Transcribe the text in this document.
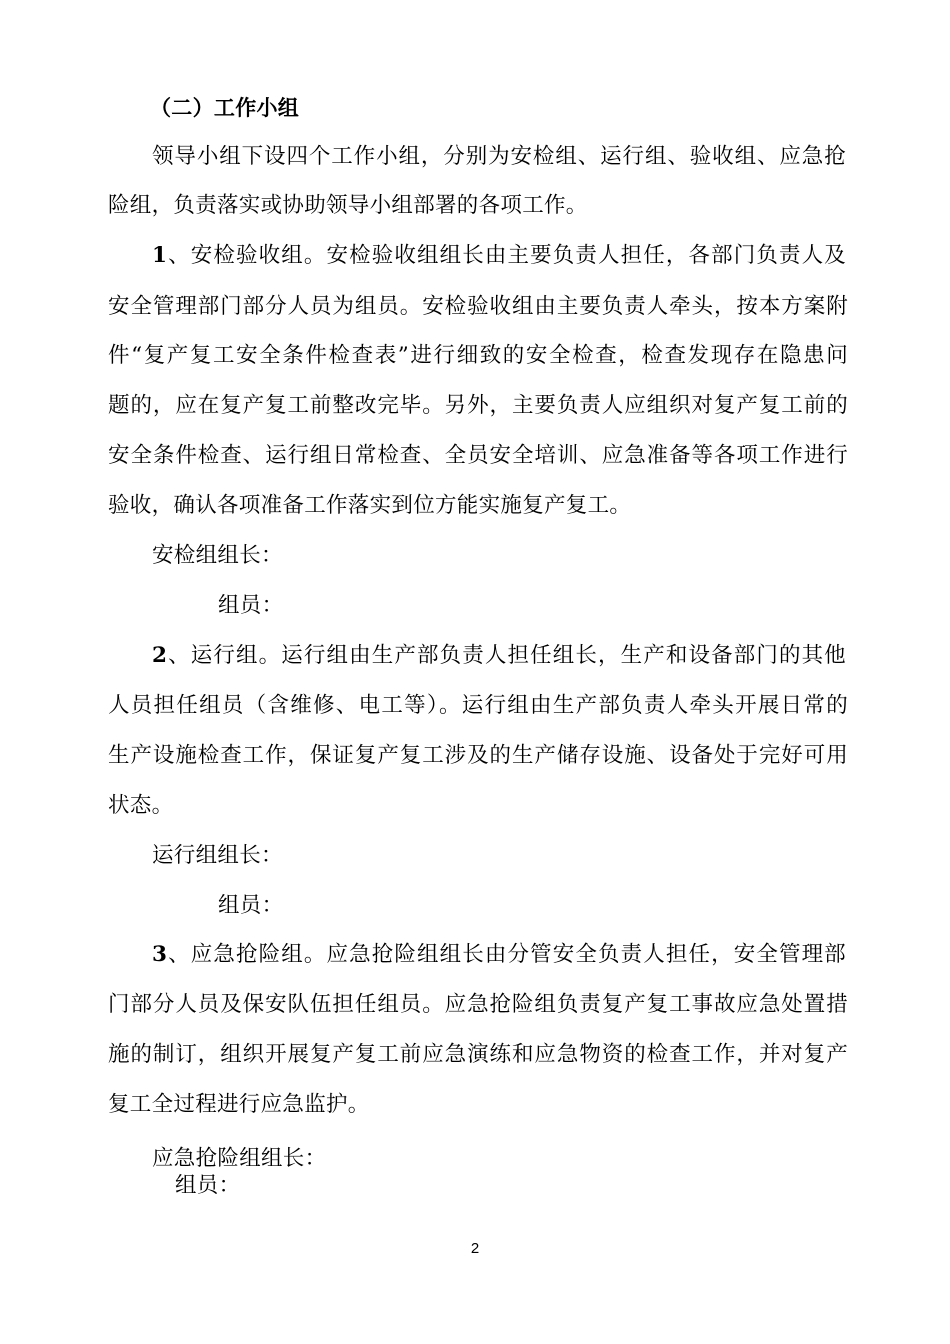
（二）工作小组
领导小组下设四个工作小组，分别为安检组、运行组、验收组、应急抢
险组，负责落实或协助领导小组部署的各项工作。
1、安检验收组。安检验收组组长由主要负责人担任，各部门负责人及
安全管理部门部分人员为组员。安检验收组由主要负责人牵头，按本方案附
件“复产复工安全条件检查表”进行细致的安全检查，检查发现存在隐患问
题的，应在复产复工前整改完毕。另外，主要负责人应组织对复产复工前的
安全条件检查、运行组日常检查、全员安全培训、应急准备等各项工作进行
验收，确认各项准备工作落实到位方能实施复产复工。
安检组组长：
组员：
2、运行组。运行组由生产部负责人担任组长，生产和设备部门的其他
人员担任组员（含维修、电工等）。运行组由生产部负责人牵头开展日常的
生产设施检查工作，保证复产复工涉及的生产储存设施、设备处于完好可用
状态。
运行组组长：
组员：
3、应急抢险组。应急抢险组组长由分管安全负责人担任，安全管理部
门部分人员及保安队伍担任组员。应急抢险组负责复产复工事故应急处置措
施的制订，组织开展复产复工前应急演练和应急物资的检查工作，并对复产
复工全过程进行应急监护。
应急抢险组组长：
组员：
2
